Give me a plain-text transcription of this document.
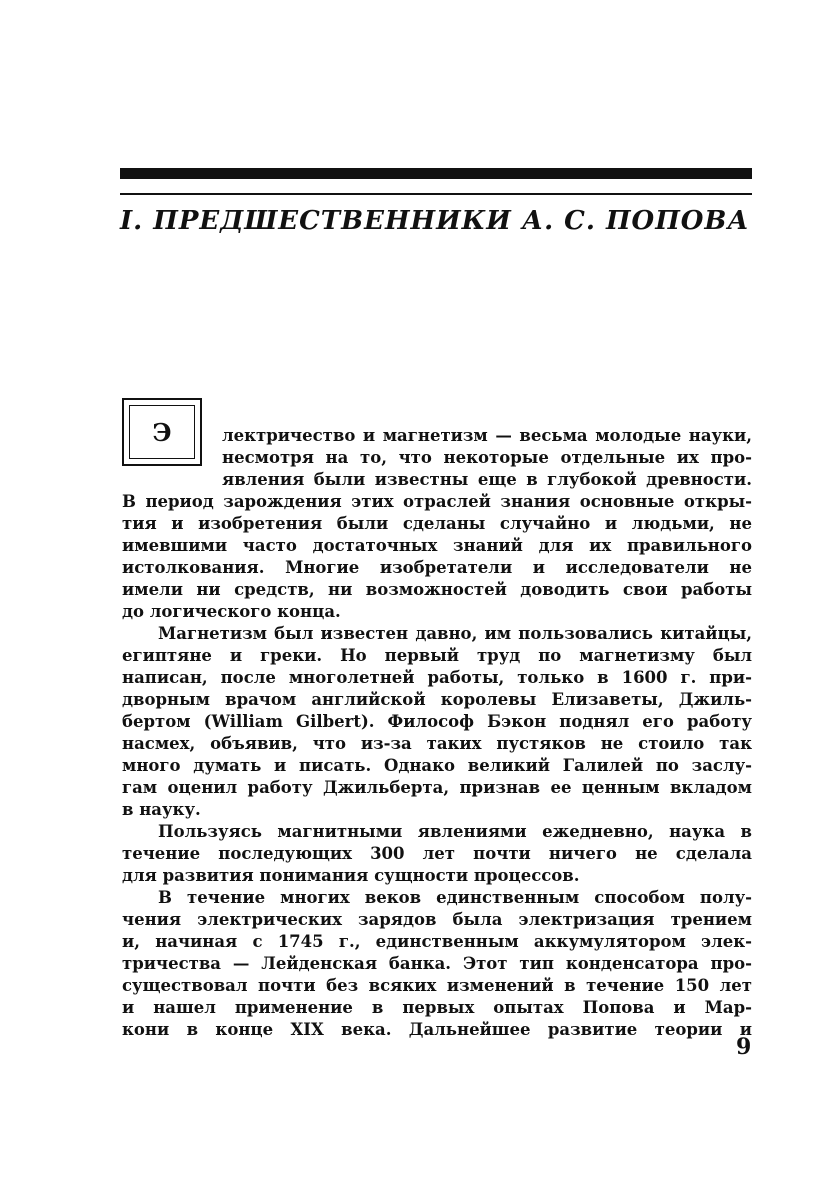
I. ПРЕДШЕСТВЕННИКИ А. С. ПОПОВА
Э	лектричество и магнетизм — весьма молодые науки,
несмотря на то, что некоторые отдельные их про-
явления были известны еще в глубокой древности.
В период зарождения этих отраслей знания основные откры-
тия и изобретения были сделаны случайно и людьми, не
имевшими часто достаточных знаний для их правильного
истолкования. Многие изобретатели и исследователи не
имели ни средств, ни возможностей доводить свои работы
до логического конца.
Магнетизм был известен давно, им пользовались китайцы,
египтяне и греки. Но первый труд по магнетизму был
написан, после многолетней работы, только в 1600 г. при-
дворным врачом английской королевы Елизаветы, Джиль-
бертом (William Gilbert). Философ Бэкон поднял его работу
насмех, объявив, что из-за таких пустяков не стоило так
много думать и писать. Однако великий Галилей по заслу-
гам оценил работу Джильберта, признав ее ценным вкладом
в науку.
Пользуясь магнитными явлениями ежедневно, наука в
течение последующих 300 лет почти ничего не сделала
для развития понимания сущности процессов.
В течение многих веков единственным способом полу-
чения электрических зарядов была электризация трением
и, начиная с 1745 г., единственным аккумулятором элек-
тричества — Лейденская банка. Этот тип конденсатора про-
существовал почти без всяких изменений в течение 150 лет
и нашел применение в первых опытах Попова и Мар-
кони в конце XIX века. Дальнейшее развитие теории и
9
